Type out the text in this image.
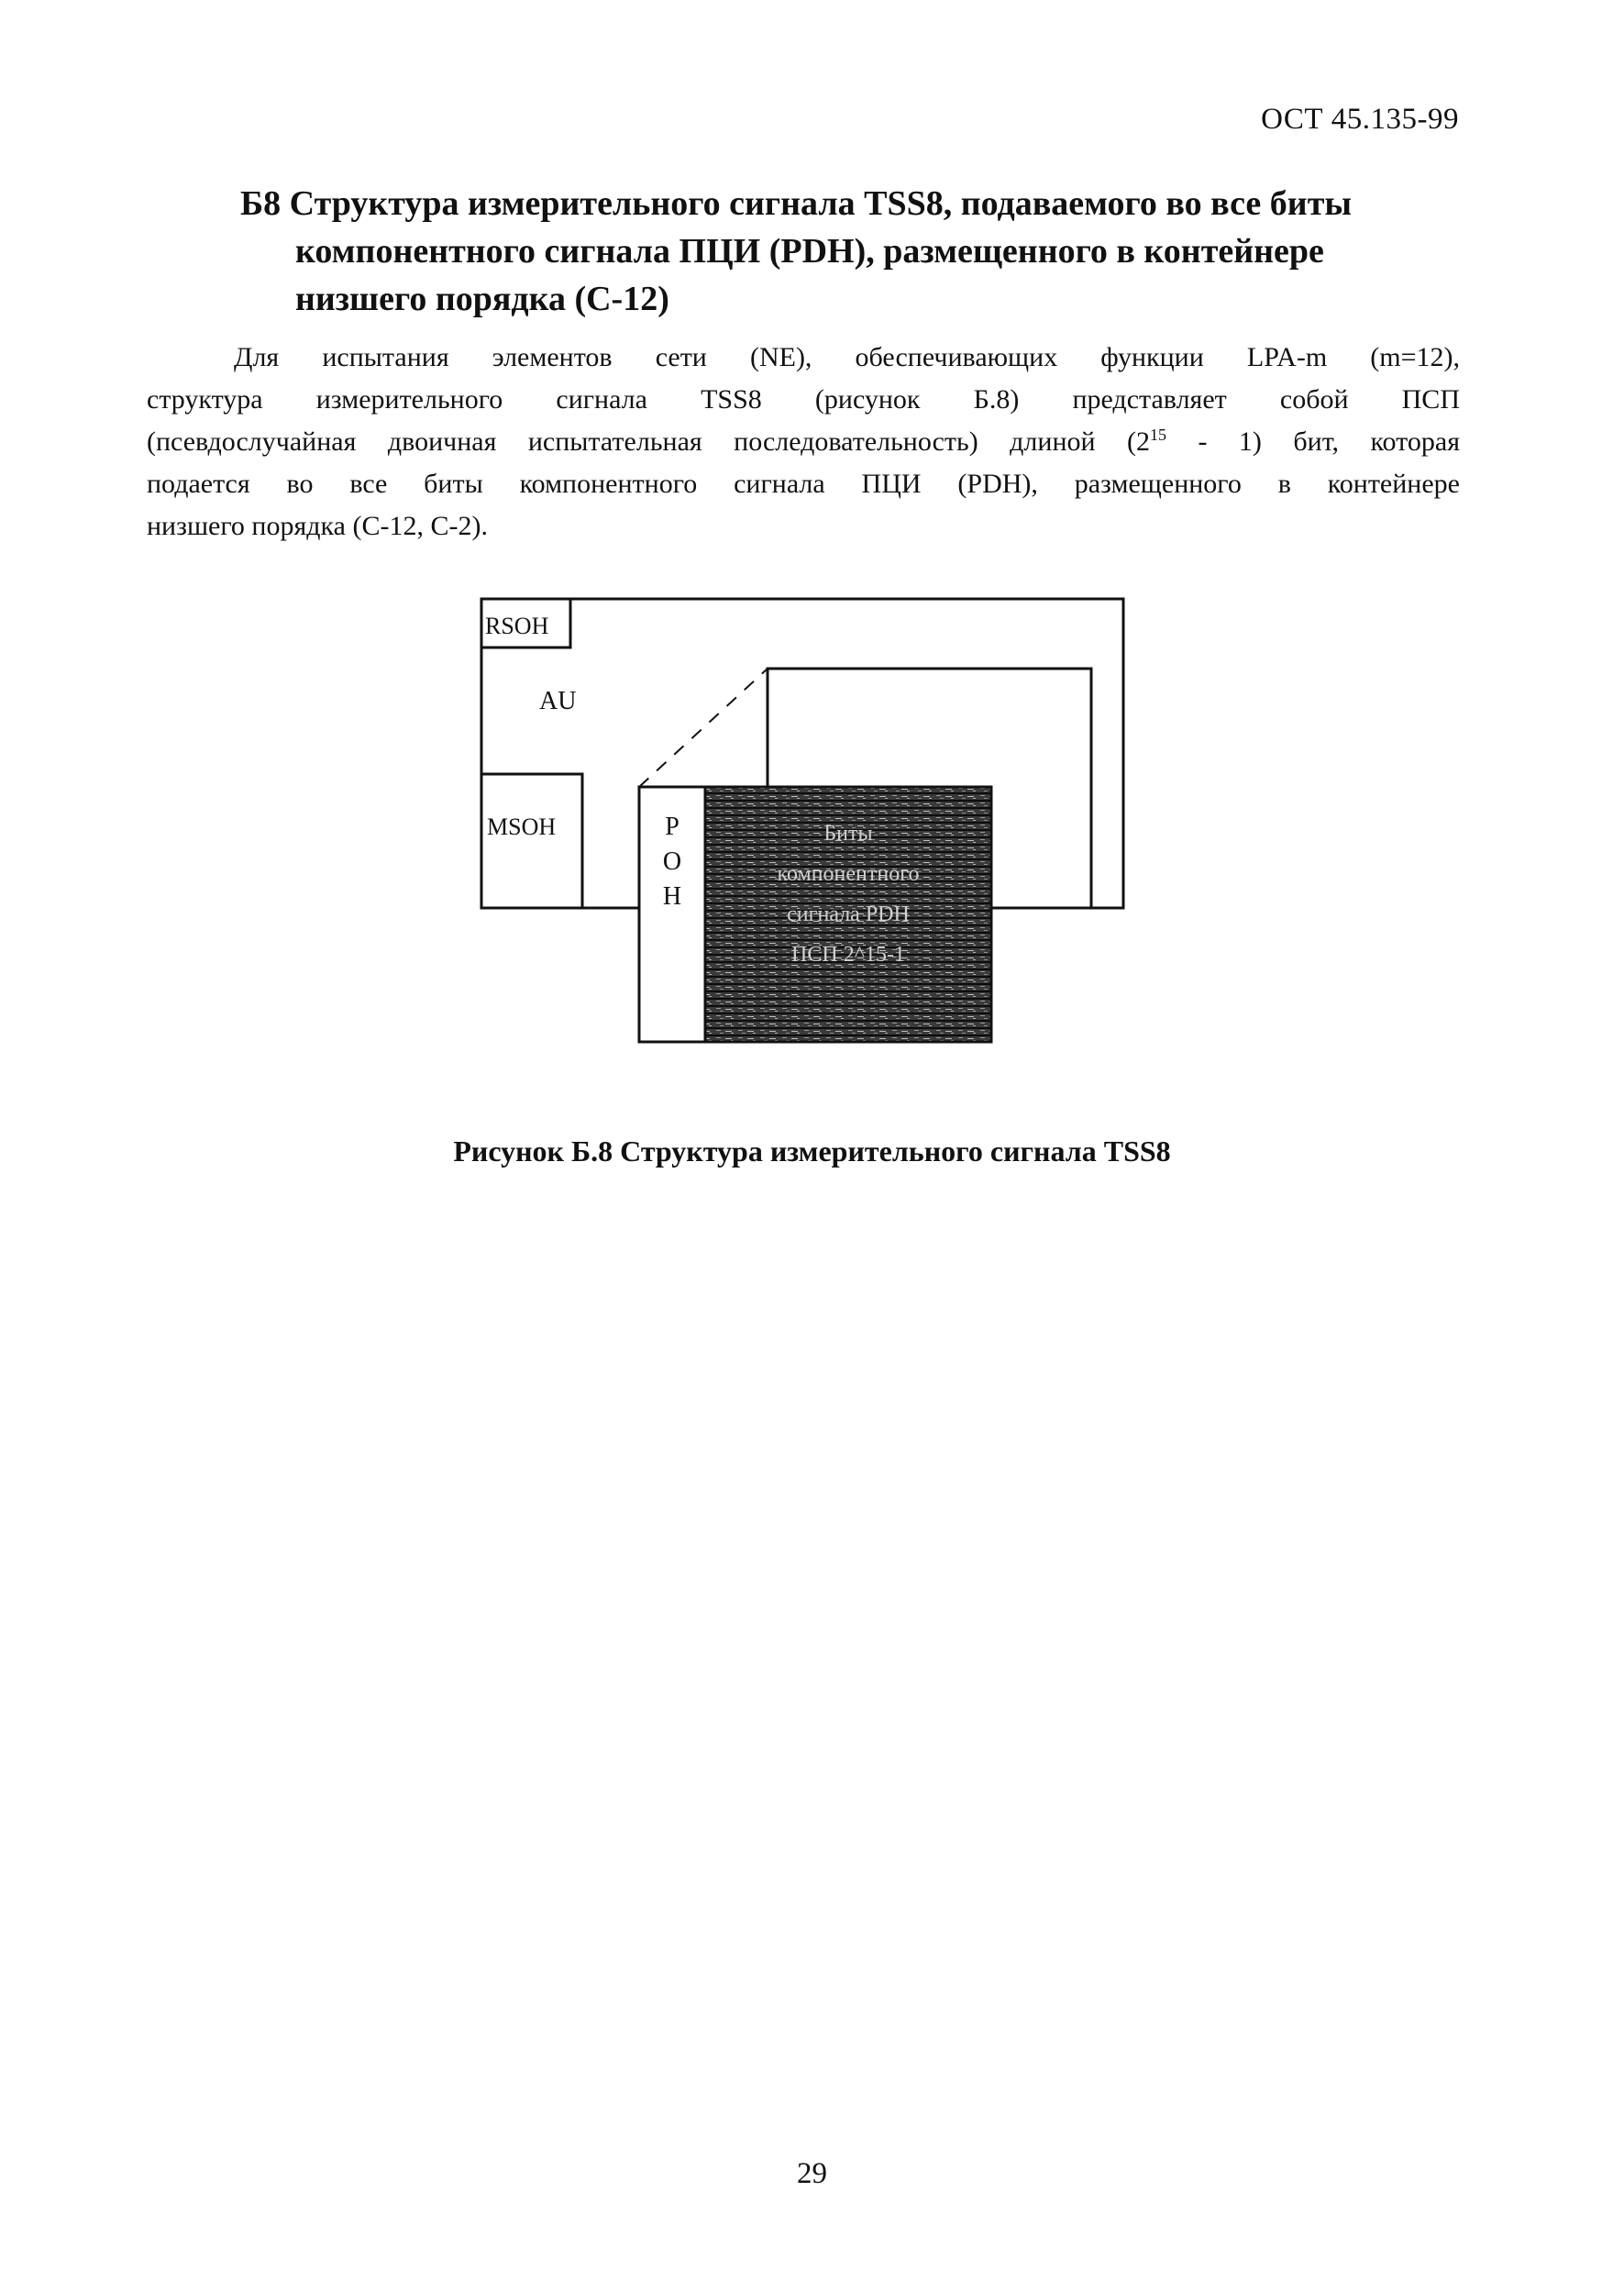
ОСТ 45.135-99
Б8 Структура измерительного сигнала TSS8, подаваемого во все биты
компонентного сигнала ПЦИ (PDH), размещенного в контейнере
низшего порядка (С-12)
Для испытания элементов сети (NE), обеспечивающих функции LPA-m (m=12),
структура измерительного сигнала TSS8 (рисунок Б.8) представляет собой ПСП
(псевдослучайная двоичная испытательная последовательность) длиной $(2^{15} - 1)$ бит, которая
подается во все биты компонентного сигнала ПЦИ (PDH), размещенного в контейнере
низшего порядка (С-12, С-2).
Биты
компонентного
сигнала PDH
ПСП 2^15-1
RSOH
AU
MSOH	P
O
H
Рисунок Б.8 Структура измерительного сигнала TSS8
29
